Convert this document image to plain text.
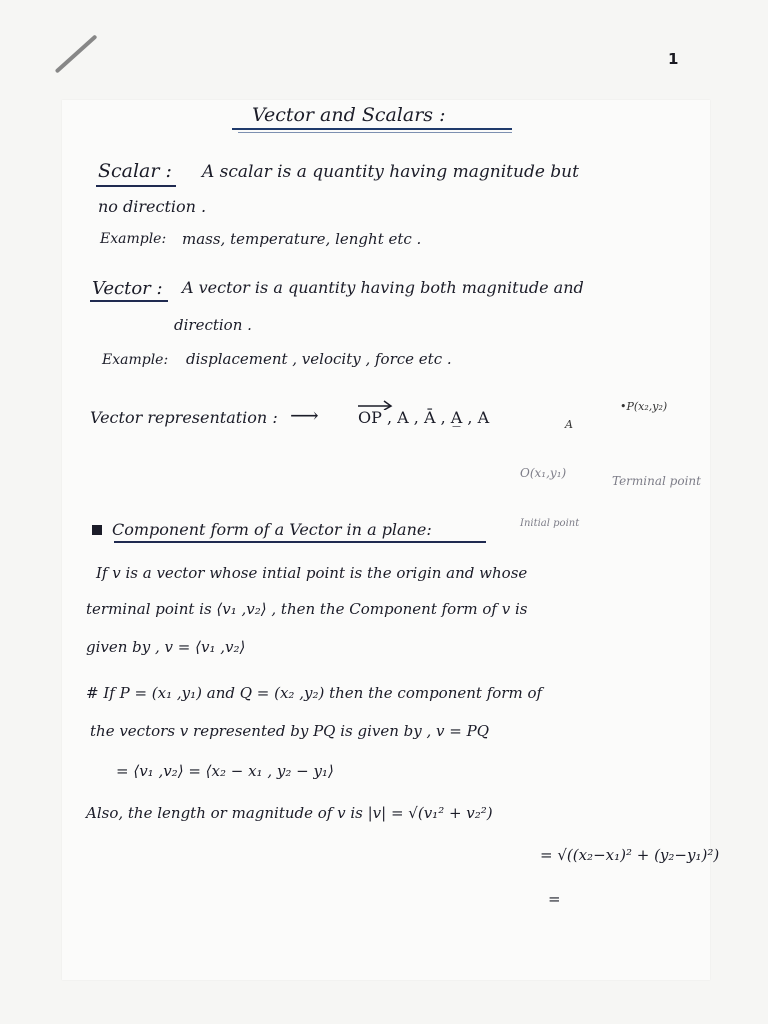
1
Vector and Scalars :
Scalar : A scalar is a quantity having magnitude but
no direction .
Example: mass, temperature, lenght etc .
Vector : A vector is a quantity having both magnitude and
direction .
Example: displacement , velocity , force etc .
Vector representation : ⟶ OP , A , Ā , A̲ , A	A
•P(x₂,y₂)
O(x₁,y₁)
Terminal point
Initial point
Component form of a Vector in a plane:
If v is a vector whose intial point is the origin and whose
terminal point is ⟨v₁ ,v₂⟩ , then the Component form of v is
given by , v = ⟨v₁ ,v₂⟩
# If P = (x₁ ,y₁) and Q = (x₂ ,y₂) then the component form of
the vectors v represented by PQ is given by , v = PQ
= ⟨v₁ ,v₂⟩ = ⟨x₂ − x₁ , y₂ − y₁⟩
Also, the length or magnitude of v is |v| = √(v₁² + v₂²)
= √((x₂−x₁)² + (y₂−y₁)²)
=
